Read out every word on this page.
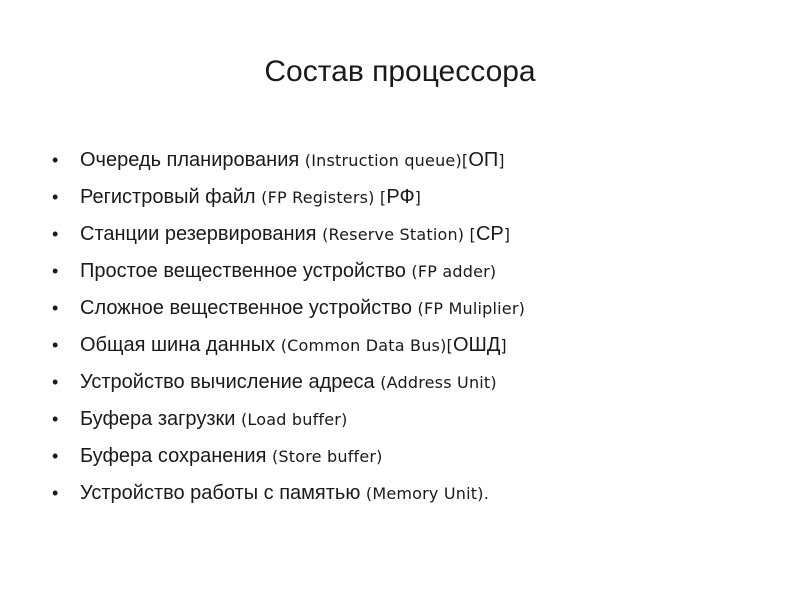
Состав процессора
• Очередь планирования (Instruction queue)[ОП]
• Регистровый файл (FP Registers) [РФ]
• Станции резервирования (Reserve Station) [СР]
• Простое вещественное устройство (FP adder)
• Сложное вещественное устройство (FP Muliplier)
• Общая шина данных (Common Data Bus)[ОШД]
• Устройство вычисление адреса (Address Unit)
• Буфера загрузки (Load buffer)
• Буфера сохранения (Store buffer)
• Устройство работы с памятью (Memory Unit).
